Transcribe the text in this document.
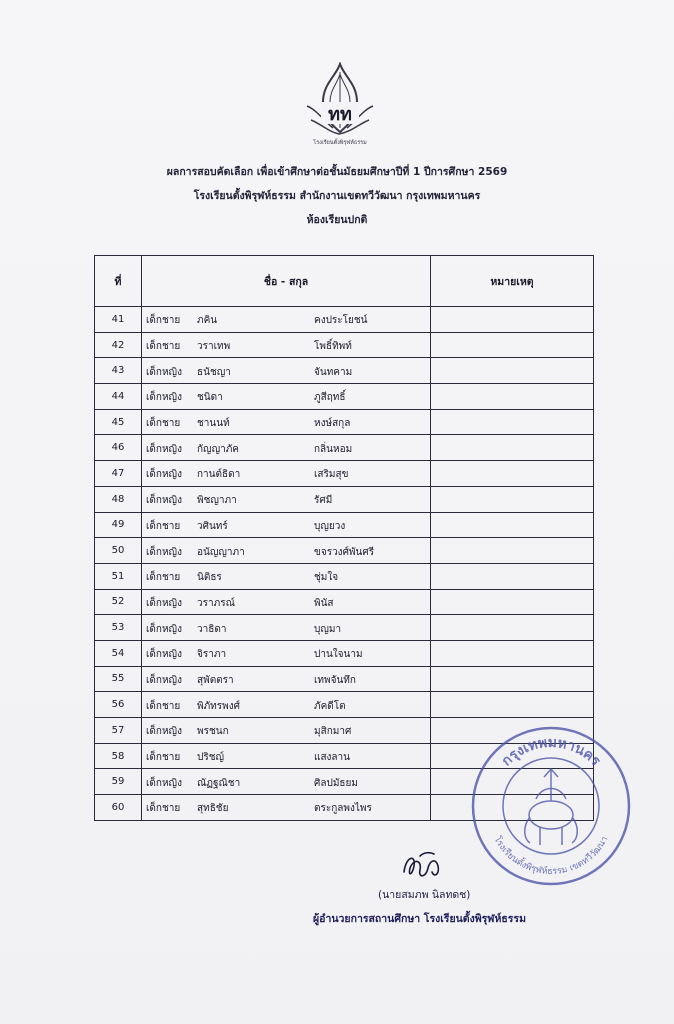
ทท
โรงเรียนตั้งพิรุฬห์ธรรม
ผลการสอบคัดเลือก เพื่อเข้าศึกษาต่อชั้นมัธยมศึกษาปีที่ 1 ปีการศึกษา 2569
โรงเรียนตั้งพิรุฬห์ธรรม สำนักงานเขตทวีวัฒนา กรุงเทพมหานคร
ห้องเรียนปกติ
ที่	ชื่อ - สกุล	หมายเหตุ
41	เด็กชาย ภคิน คงประโยชน์	

42	เด็กชาย วราเทพ โพธิ์ทิพท์	

43	เด็กหญิง ธนัชญา จันทคาม	

44	เด็กหญิง ชนิดา ภูสีฤทธิ์	

45	เด็กชาย ชานนท์ หงษ์สกุล	

46	เด็กหญิง กัญญาภัค กลิ่นหอม	

47	เด็กหญิง กานต์ธิดา เสริมสุข	

48	เด็กหญิง พิชญาภา รัศมี	

49	เด็กชาย วศินทร์ บุญยวง	

50	เด็กหญิง อนัญญาภา ขจรวงศ์พันศรี	

51	เด็กชาย นิติธร ชุ่มใจ	

52	เด็กหญิง วราภรณ์ พินัส	

53	เด็กหญิง วาธิดา บุญมา	

54	เด็กหญิง จิราภา ปานใจนาม	

55	เด็กหญิง สุพัตตรา เทพจันทึก	

56	เด็กชาย พิภัทรพงศ์ ภัคดีโต	

57	เด็กหญิง พรชนก มุสิกมาศ	

58	เด็กชาย ปริชญ์ แสงลาน	

59	เด็กหญิง ณัฏฐณิชา ศิลปมัธยม	

60	เด็กชาย สุทธิชัย ตระกูลพงไพร	

กรุงเทพมหานคร
โรงเรียนตั้งพิรุฬห์ธรรม เขตทวีวัฒนา
(นายสมภพ นิลทดช)
ผู้อำนวยการสถานศึกษา โรงเรียนตั้งพิรุฬห์ธรรม
